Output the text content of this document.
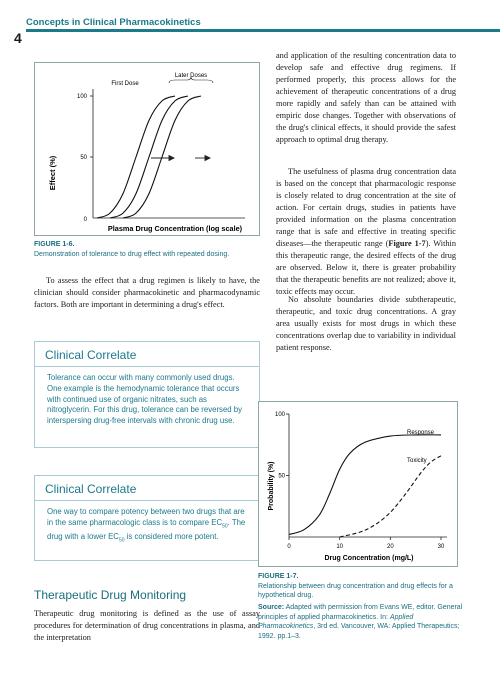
4
Concepts in Clinical Pharmacokinetics
First Dose
Later Doses
Effect (%)
100
50
0
Plasma Drug Concentration (log scale)
FIGURE 1-6.
Demonstration of tolerance to drug effect with repeated dosing.
To assess the effect that a drug regimen is likely to have, the clinician should consider pharmacokinetic and pharmacodynamic factors. Both are important in determining a drug's effect.
Clinical Correlate
Tolerance can occur with many commonly used drugs. One example is the hemodynamic tolerance that occurs with continued use of organic nitrates, such as nitroglycerin. For this drug, tolerance can be reversed by interspersing drug-free intervals with chronic drug use.
Clinical Correlate
One way to compare potency between two drugs that are in the same pharmacologic class is to compare $EC_{50}$. The drug with a lower $EC_{50}$ is considered more potent.
Therapeutic Drug Monitoring
Therapeutic drug monitoring is defined as the use of assay procedures for determination of drug concentrations in plasma, and the interpretation
and application of the resulting concentration data to develop safe and effective drug regimens. If performed properly, this process allows for the achievement of therapeutic concentrations of a drug more rapidly and safely than can be attained with empiric dose changes. Together with observations of the drug's clinical effects, it should provide the safest approach to optimal drug therapy.
The usefulness of plasma drug concentration data is based on the concept that pharmacologic response is closely related to drug concentration at the site of action. For certain drugs, studies in patients have provided information on the plasma concentration range that is safe and effective in treating specific diseases—the therapeutic range (Figure 1-7). Within this therapeutic range, the desired effects of the drug are observed. Below it, there is greater probability that the therapeutic benefits are not realized; above it, toxic effects may occur.
No absolute boundaries divide subtherapeutic, therapeutic, and toxic drug concentrations. A gray area usually exists for most drugs in which these concentrations overlap due to variability in individual patient response.
Probability (%)
0	10	20	30
100
50
Response
Toxicity
Drug Concentration (mg/L)
FIGURE 1-7.
Relationship between drug concentration and drug effects for a hypothetical drug.
Source: Adapted with permission from Evans WE, editor. General principles of applied pharmacokinetics. In: Applied Pharmacokinetics, 3rd ed. Vancouver, WA: Applied Therapeutics; 1992. pp.1–3.
